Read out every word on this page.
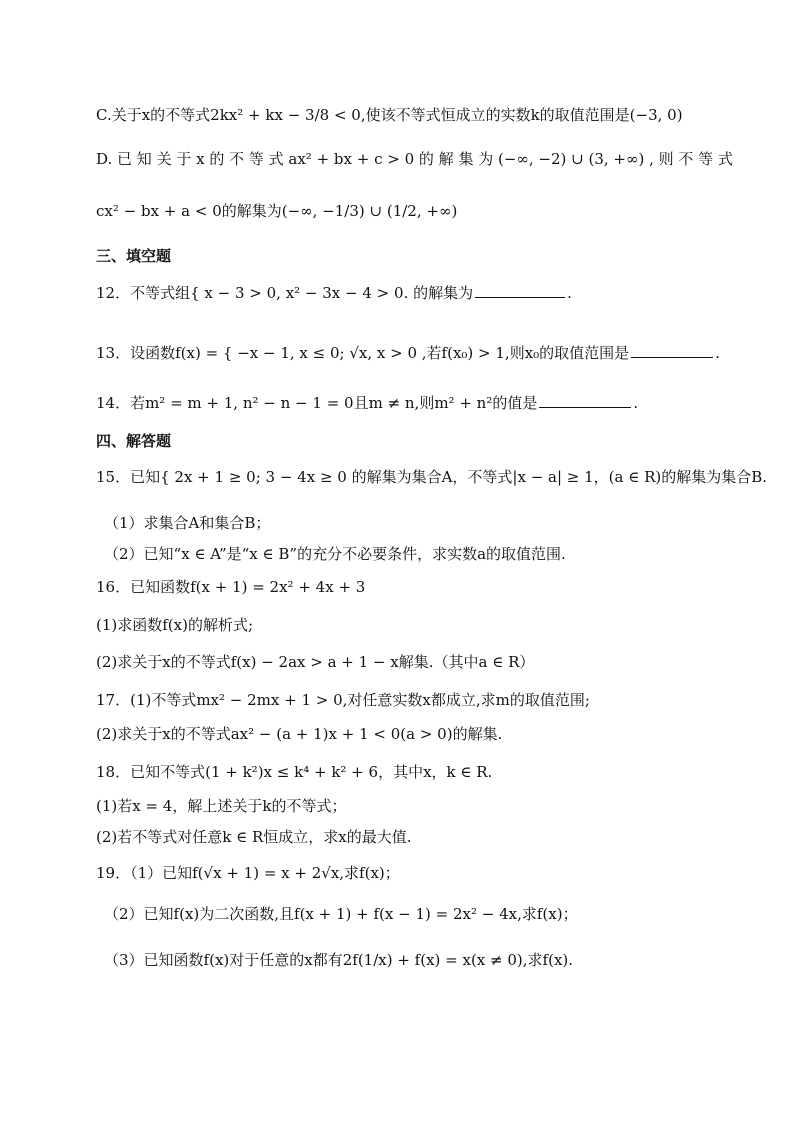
C.关于x的不等式2kx² + kx − 3/8 < 0,使该不等式恒成立的实数k的取值范围是(−3, 0)
D. 已 知 关 于 x 的 不 等 式 ax² + bx + c > 0 的 解 集 为 (−∞, −2) ∪ (3, +∞) , 则 不 等 式
cx² − bx + a < 0的解集为(−∞, −1/3) ∪ (1/2, +∞)
三、填空题
12．不等式组{ x − 3 > 0, x² − 3x − 4 > 0. 的解集为	.
13．设函数f(x) = { −x − 1, x ≤ 0; √x, x > 0 ,若f(x₀) > 1,则x₀的取值范围是	.
14．若m² = m + 1, n² − n − 1 = 0且m ≠ n,则m² + n²的值是	.
四、解答题
15．已知{ 2x + 1 ≥ 0; 3 − 4x ≥ 0 的解集为集合A，不等式|x − a| ≥ 1，(a ∈ R)的解集为集合B.
（1）求集合A和集合B；
（2）已知“x ∈ A”是“x ∈ B”的充分不必要条件，求实数a的取值范围.
16．已知函数f(x + 1) = 2x² + 4x + 3
(1)求函数f(x)的解析式;
(2)求关于x的不等式f(x) − 2ax > a + 1 − x解集.（其中a ∈ R）
17．(1)不等式mx² − 2mx + 1 > 0,对任意实数x都成立,求m的取值范围;
(2)求关于x的不等式ax² − (a + 1)x + 1 < 0(a > 0)的解集.
18．已知不等式(1 + k²)x ≤ k⁴ + k² + 6，其中x，k ∈ R.
(1)若x = 4，解上述关于k的不等式；
(2)若不等式对任意k ∈ R恒成立，求x的最大值.
19．（1）已知f(√x + 1) = x + 2√x,求f(x)；
（2）已知f(x)为二次函数,且f(x + 1) + f(x − 1) = 2x² − 4x,求f(x)；
（3）已知函数f(x)对于任意的x都有2f(1/x) + f(x) = x(x ≠ 0),求f(x).
